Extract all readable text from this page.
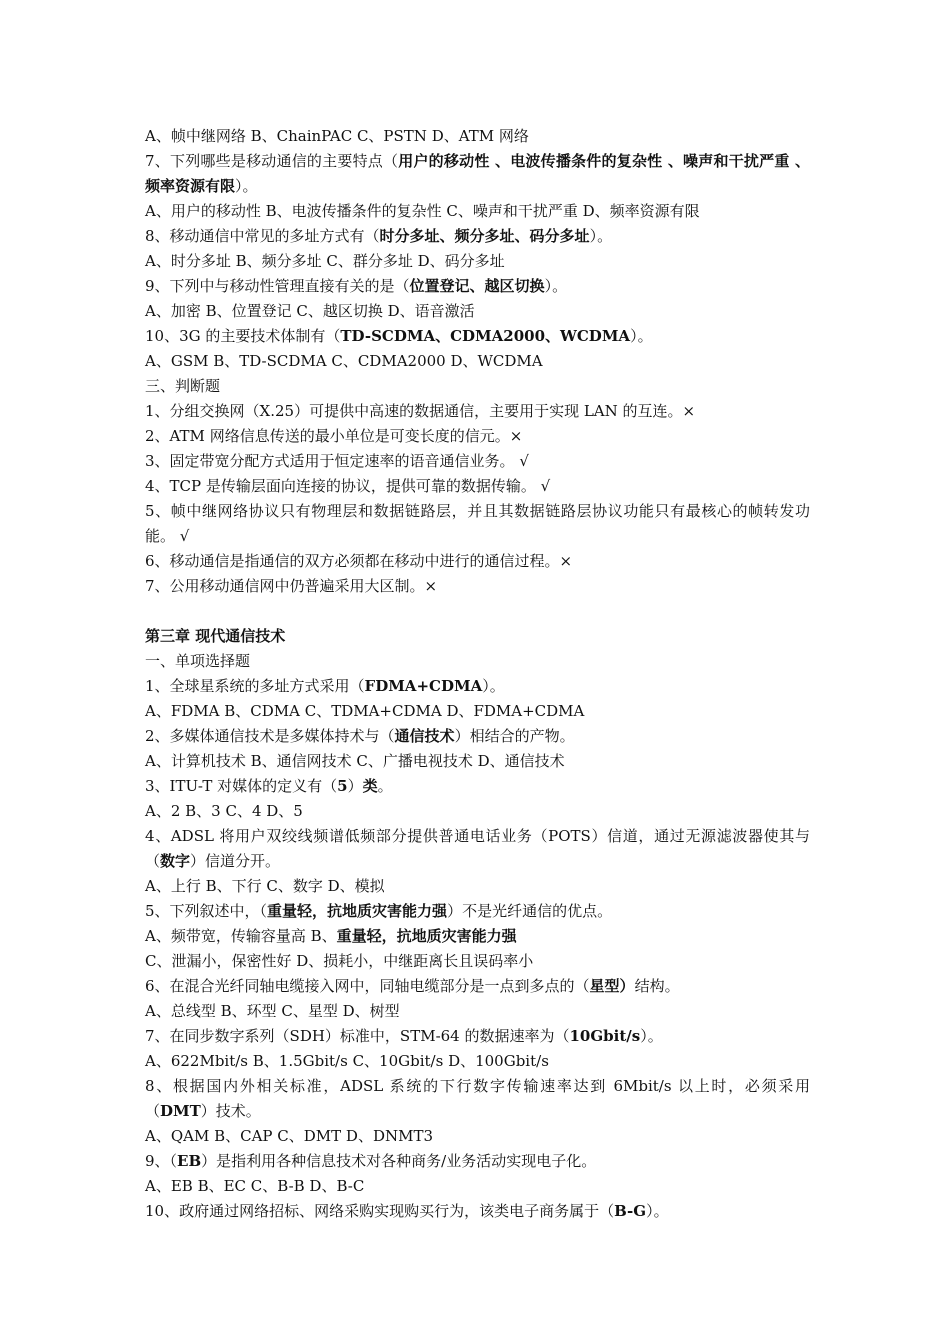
A、帧中继网络 B、ChainPAC C、PSTN D、ATM 网络
7、下列哪些是移动通信的主要特点（用户的移动性 、电波传播条件的复杂性 、噪声和干扰严重 、频率资源有限）。
A、用户的移动性 B、电波传播条件的复杂性 C、噪声和干扰严重 D、频率资源有限
8、移动通信中常见的多址方式有（时分多址、频分多址、码分多址）。
A、时分多址 B、频分多址 C、群分多址 D、码分多址
9、下列中与移动性管理直接有关的是（位置登记、越区切换）。
A、加密 B、位置登记 C、越区切换 D、语音激活
10、3G 的主要技术体制有（TD-SCDMA、CDMA2000、WCDMA）。
A、GSM B、TD-SCDMA C、CDMA2000 D、WCDMA
三、判断题
1、分组交换网（X.25）可提供中高速的数据通信，主要用于实现 LAN 的互连。×
2、ATM 网络信息传送的最小单位是可变长度的信元。×
3、固定带宽分配方式适用于恒定速率的语音通信业务。 √
4、TCP 是传输层面向连接的协议，提供可靠的数据传输。 √
5、帧中继网络协议只有物理层和数据链路层，并且其数据链路层协议功能只有最核心的帧转发功能。 √
6、移动通信是指通信的双方必须都在移动中进行的通信过程。×
7、公用移动通信网中仍普遍采用大区制。×
第三章 现代通信技术
一、单项选择题
1、全球星系统的多址方式采用（FDMA+CDMA）。
A、FDMA B、CDMA C、TDMA+CDMA D、FDMA+CDMA
2、多媒体通信技术是多媒体持术与（通信技术）相结合的产物。
A、计算机技术 B、通信网技术 C、广播电视技术 D、通信技术
3、ITU-T 对媒体的定义有（5）类。
A、2 B、3 C、4 D、5
4、ADSL 将用户双绞线频谱低频部分提供普通电话业务（POTS）信道，通过无源滤波器使其与（数字）信道分开。
A、上行 B、下行 C、数字 D、模拟
5、下列叙述中，（重量轻，抗地质灾害能力强）不是光纤通信的优点。
A、频带宽，传输容量高 B、重量轻，抗地质灾害能力强
C、泄漏小，保密性好 D、损耗小，中继距离长且误码率小
6、在混合光纤同轴电缆接入网中，同轴电缆部分是一点到多点的（星型）结构。
A、总线型 B、环型 C、星型 D、树型
7、在同步数字系列（SDH）标准中，STM-64 的数据速率为（10Gbit/s）。
A、622Mbit/s B、1.5Gbit/s C、10Gbit/s D、100Gbit/s
8、根据国内外相关标准，ADSL 系统的下行数字传输速率达到 6Mbit/s 以上时，必须采用（DMT）技术。
A、QAM B、CAP C、DMT D、DNMT3
9、（EB）是指利用各种信息技术对各种商务/业务活动实现电子化。
A、EB B、EC C、B-B D、B-C
10、政府通过网络招标、网络采购实现购买行为，该类电子商务属于（B-G）。
